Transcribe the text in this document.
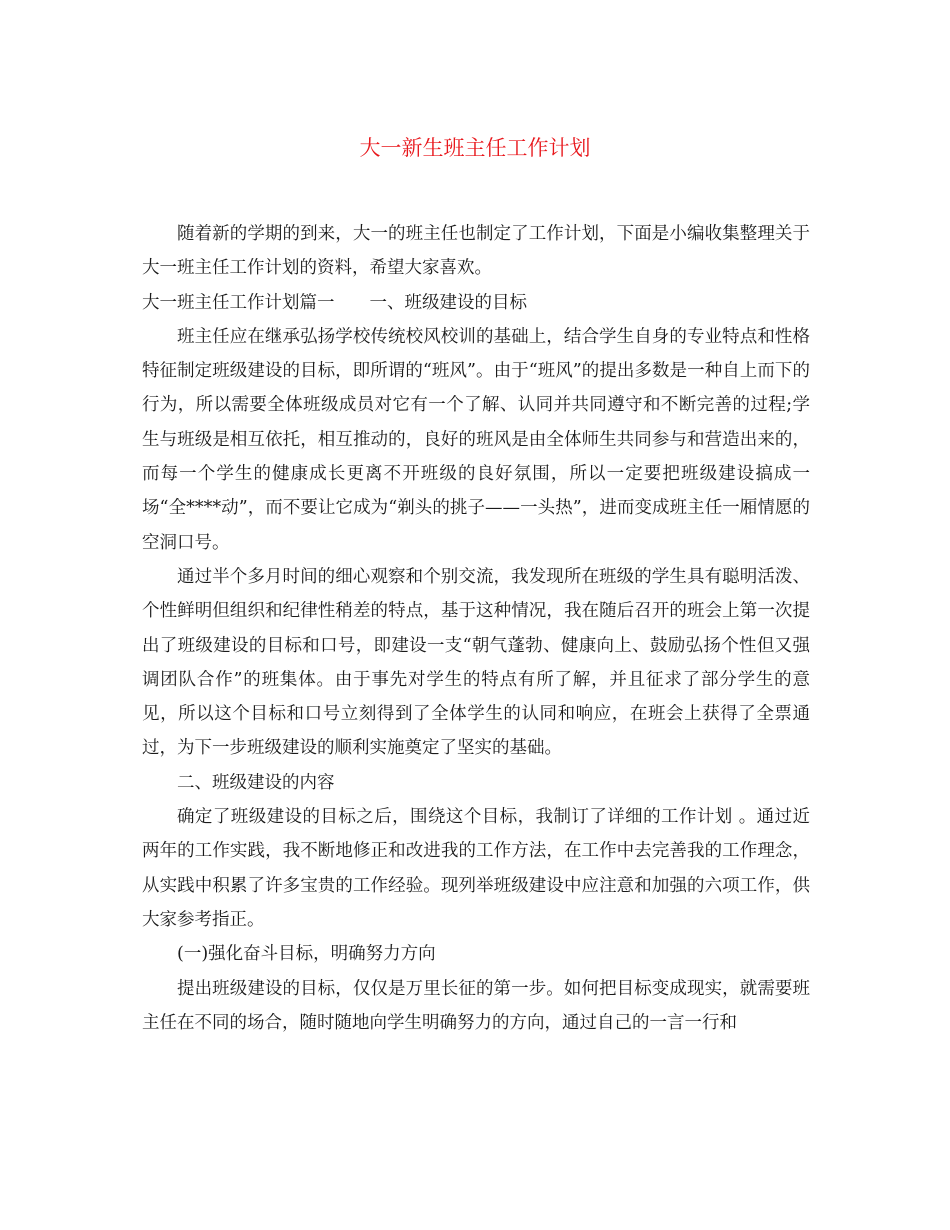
大一新生班主任工作计划

随着新的学期的到来，大一的班主任也制定了工作计划，下面是小编收集整理关于大一班主任工作计划的资料，希望大家喜欢。

大一班主任工作计划篇一 一、班级建设的目标

班主任应在继承弘扬学校传统校风校训的基础上，结合学生自身的专业特点和性格特征制定班级建设的目标，即所谓的“班风”。由于“班风”的提出多数是一种自上而下的行为，所以需要全体班级成员对它有一个了解、认同并共同遵守和不断完善的过程;学生与班级是相互依托，相互推动的，良好的班风是由全体师生共同参与和营造出来的，而每一个学生的健康成长更离不开班级的良好氛围，所以一定要把班级建设搞成一场“全****动”，而不要让它成为“剃头的挑子——一头热”，进而变成班主任一厢情愿的空洞口号。

通过半个多月时间的细心观察和个别交流，我发现所在班级的学生具有聪明活泼、个性鲜明但组织和纪律性稍差的特点，基于这种情况，我在随后召开的班会上第一次提出了班级建设的目标和口号，即建设一支“朝气蓬勃、健康向上、鼓励弘扬个性但又强调团队合作”的班集体。由于事先对学生的特点有所了解，并且征求了部分学生的意见，所以这个目标和口号立刻得到了全体学生的认同和响应，在班会上获得了全票通过，为下一步班级建设的顺利实施奠定了坚实的基础。

二、班级建设的内容

确定了班级建设的目标之后，围绕这个目标，我制订了详细的工作计划 。通过近两年的工作实践，我不断地修正和改进我的工作方法，在工作中去完善我的工作理念，从实践中积累了许多宝贵的工作经验。现列举班级建设中应注意和加强的六项工作，供大家参考指正。

(一)强化奋斗目标，明确努力方向

提出班级建设的目标，仅仅是万里长征的第一步。如何把目标变成现实，就需要班主任在不同的场合，随时随地向学生明确努力的方向，通过自己的一言一行和
